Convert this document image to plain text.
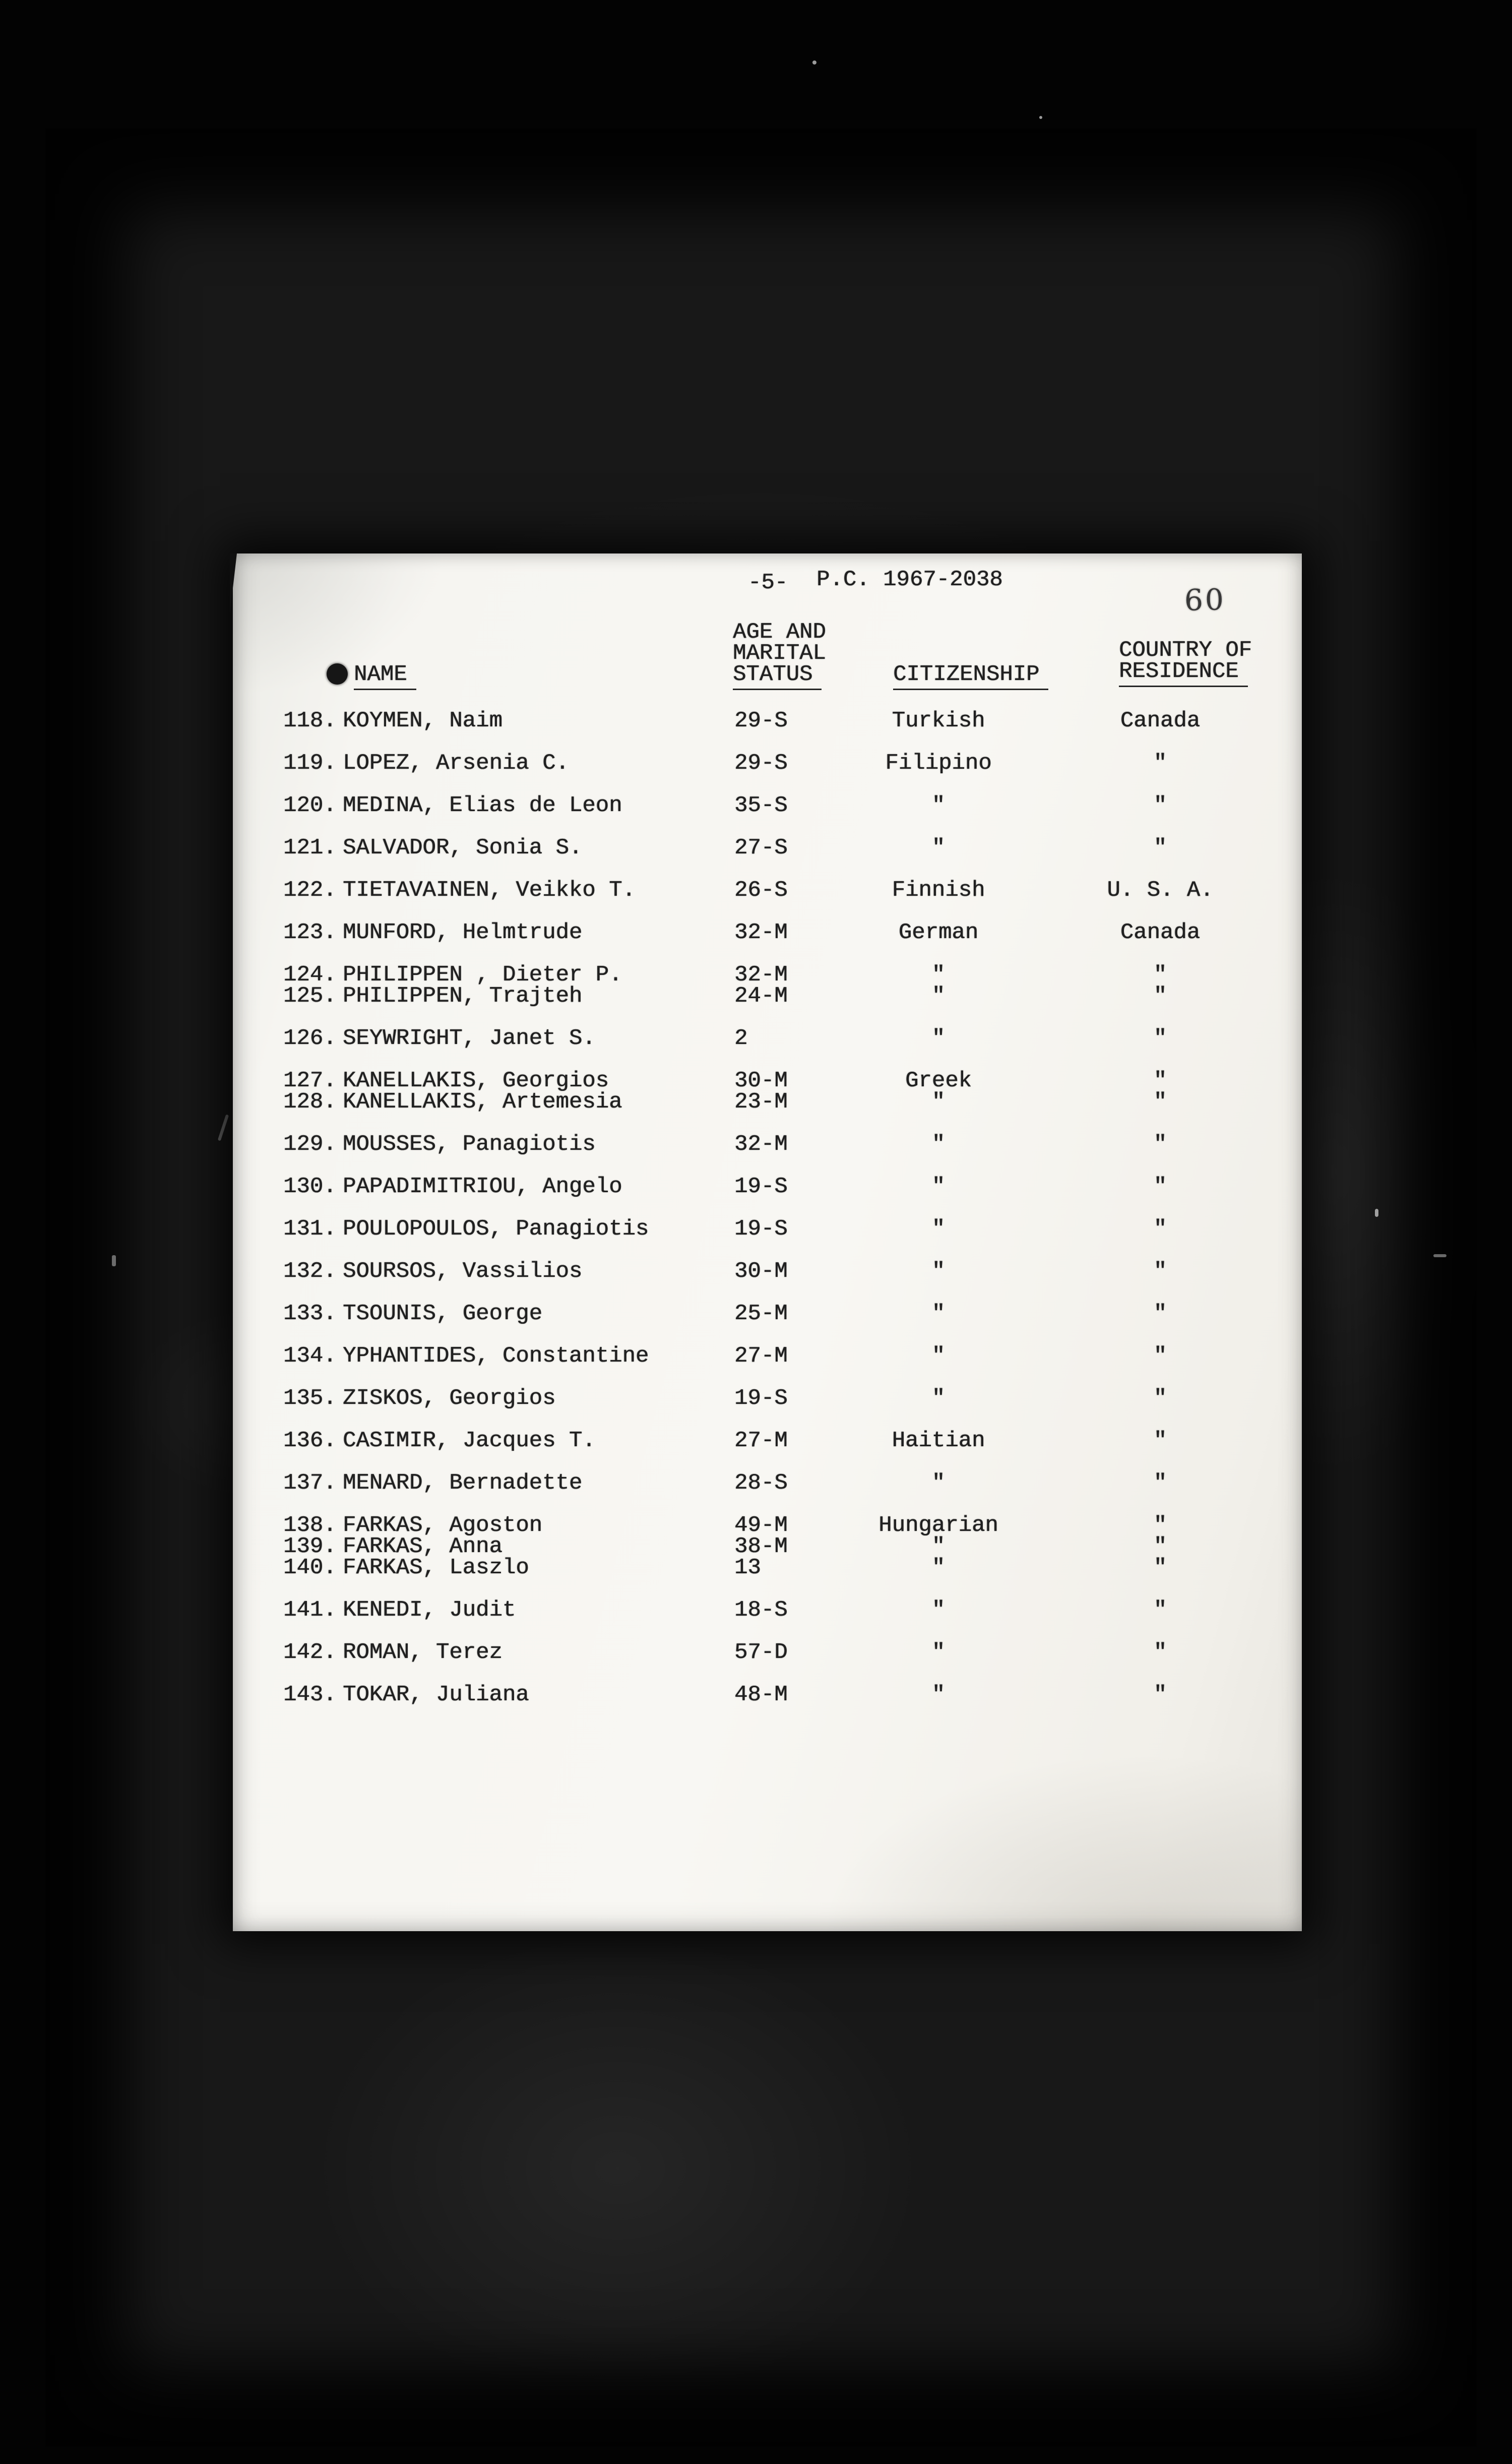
-5- P.C. 1967-2038
60
NAME
AGE AND
MARITAL
STATUS	CITIZENSHIP
COUNTRY OF
RESIDENCE
118. KOYMEN, Naim	29-S	Turkish	Canada
119. LOPEZ, Arsenia C.	29-S	Filipino	"
120. MEDINA, Elias de Leon	35-S	"	"
121. SALVADOR, Sonia S.	27-S	"	"
122. TIETAVAINEN, Veikko T.	26-S	Finnish	U. S. A.
123. MUNFORD, Helmtrude	32-M	German	Canada
124. PHILIPPEN , Dieter P.	32-M	"	"
125. PHILIPPEN, Trajteh	24-M	"	"
126. SEYWRIGHT, Janet S.	2	"	"
127. KANELLAKIS, Georgios	30-M	Greek	"
128. KANELLAKIS, Artemesia	23-M	"	"
129. MOUSSES, Panagiotis	32-M	"	"
130. PAPADIMITRIOU, Angelo	19-S	"	"
131. POULOPOULOS, Panagiotis	19-S	"	"
132. SOURSOS, Vassilios	30-M	"	"
133. TSOUNIS, George	25-M	"	"
134. YPHANTIDES, Constantine	27-M	"	"
135. ZISKOS, Georgios	19-S	"	"
136. CASIMIR, Jacques T.	27-M	Haitian	"
137. MENARD, Bernadette	28-S	"	"
138. FARKAS, Agoston	49-M	Hungarian	"
139. FARKAS, Anna	38-M	"	"
140. FARKAS, Laszlo	13	"	"
141. KENEDI, Judit	18-S	"	"
142. ROMAN, Terez	57-D	"	"
143. TOKAR, Juliana	48-M	"	"
